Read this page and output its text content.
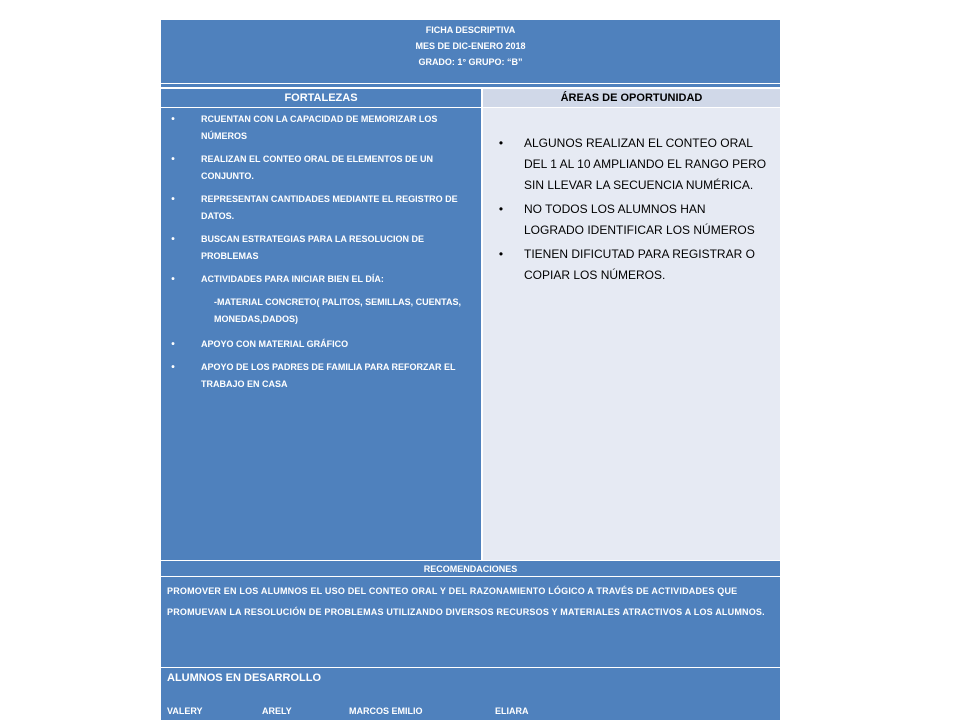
FICHA DESCRIPTIVA
MES DE DIC-ENERO 2018
GRADO: 1° GRUPO: “B”
FORTALEZAS	ÁREAS DE OPORTUNIDAD
•	RCUENTAN CON LA CAPACIDAD DE MEMORIZAR LOS NÚMEROS
•	REALIZAN EL CONTEO ORAL DE ELEMENTOS DE UN CONJUNTO.
•	REPRESENTAN CANTIDADES MEDIANTE EL REGISTRO DE DATOS.
•	BUSCAN ESTRATEGIAS PARA LA RESOLUCION DE PROBLEMAS
•	ACTIVIDADES PARA INICIAR BIEN EL DÍA:
-MATERIAL CONCRETO( PALITOS, SEMILLAS, CUENTAS, MONEDAS,DADOS)
•	APOYO CON MATERIAL GRÁFICO
•	APOYO DE LOS PADRES DE FAMILIA PARA REFORZAR EL TRABAJO EN CASA
•	ALGUNOS REALIZAN EL CONTEO ORAL DEL 1 AL 10 AMPLIANDO EL RANGO PERO SIN LLEVAR LA SECUENCIA NUMÉRICA.
•	NO TODOS LOS ALUMNOS HAN LOGRADO IDENTIFICAR LOS NÚMEROS
•	TIENEN DIFICUTAD PARA REGISTRAR O COPIAR LOS NÚMEROS.
RECOMENDACIONES
PROMOVER EN LOS ALUMNOS EL USO DEL CONTEO ORAL Y DEL RAZONAMIENTO LÓGICO A TRAVÉS DE ACTIVIDADES QUE PROMUEVAN LA RESOLUCIÓN DE PROBLEMAS UTILIZANDO DIVERSOS RECURSOS Y MATERIALES ATRACTIVOS A LOS ALUMNOS.
ALUMNOS EN DESARROLLO
VALERY	ARELY	MARCOS EMILIO	ELIARA
